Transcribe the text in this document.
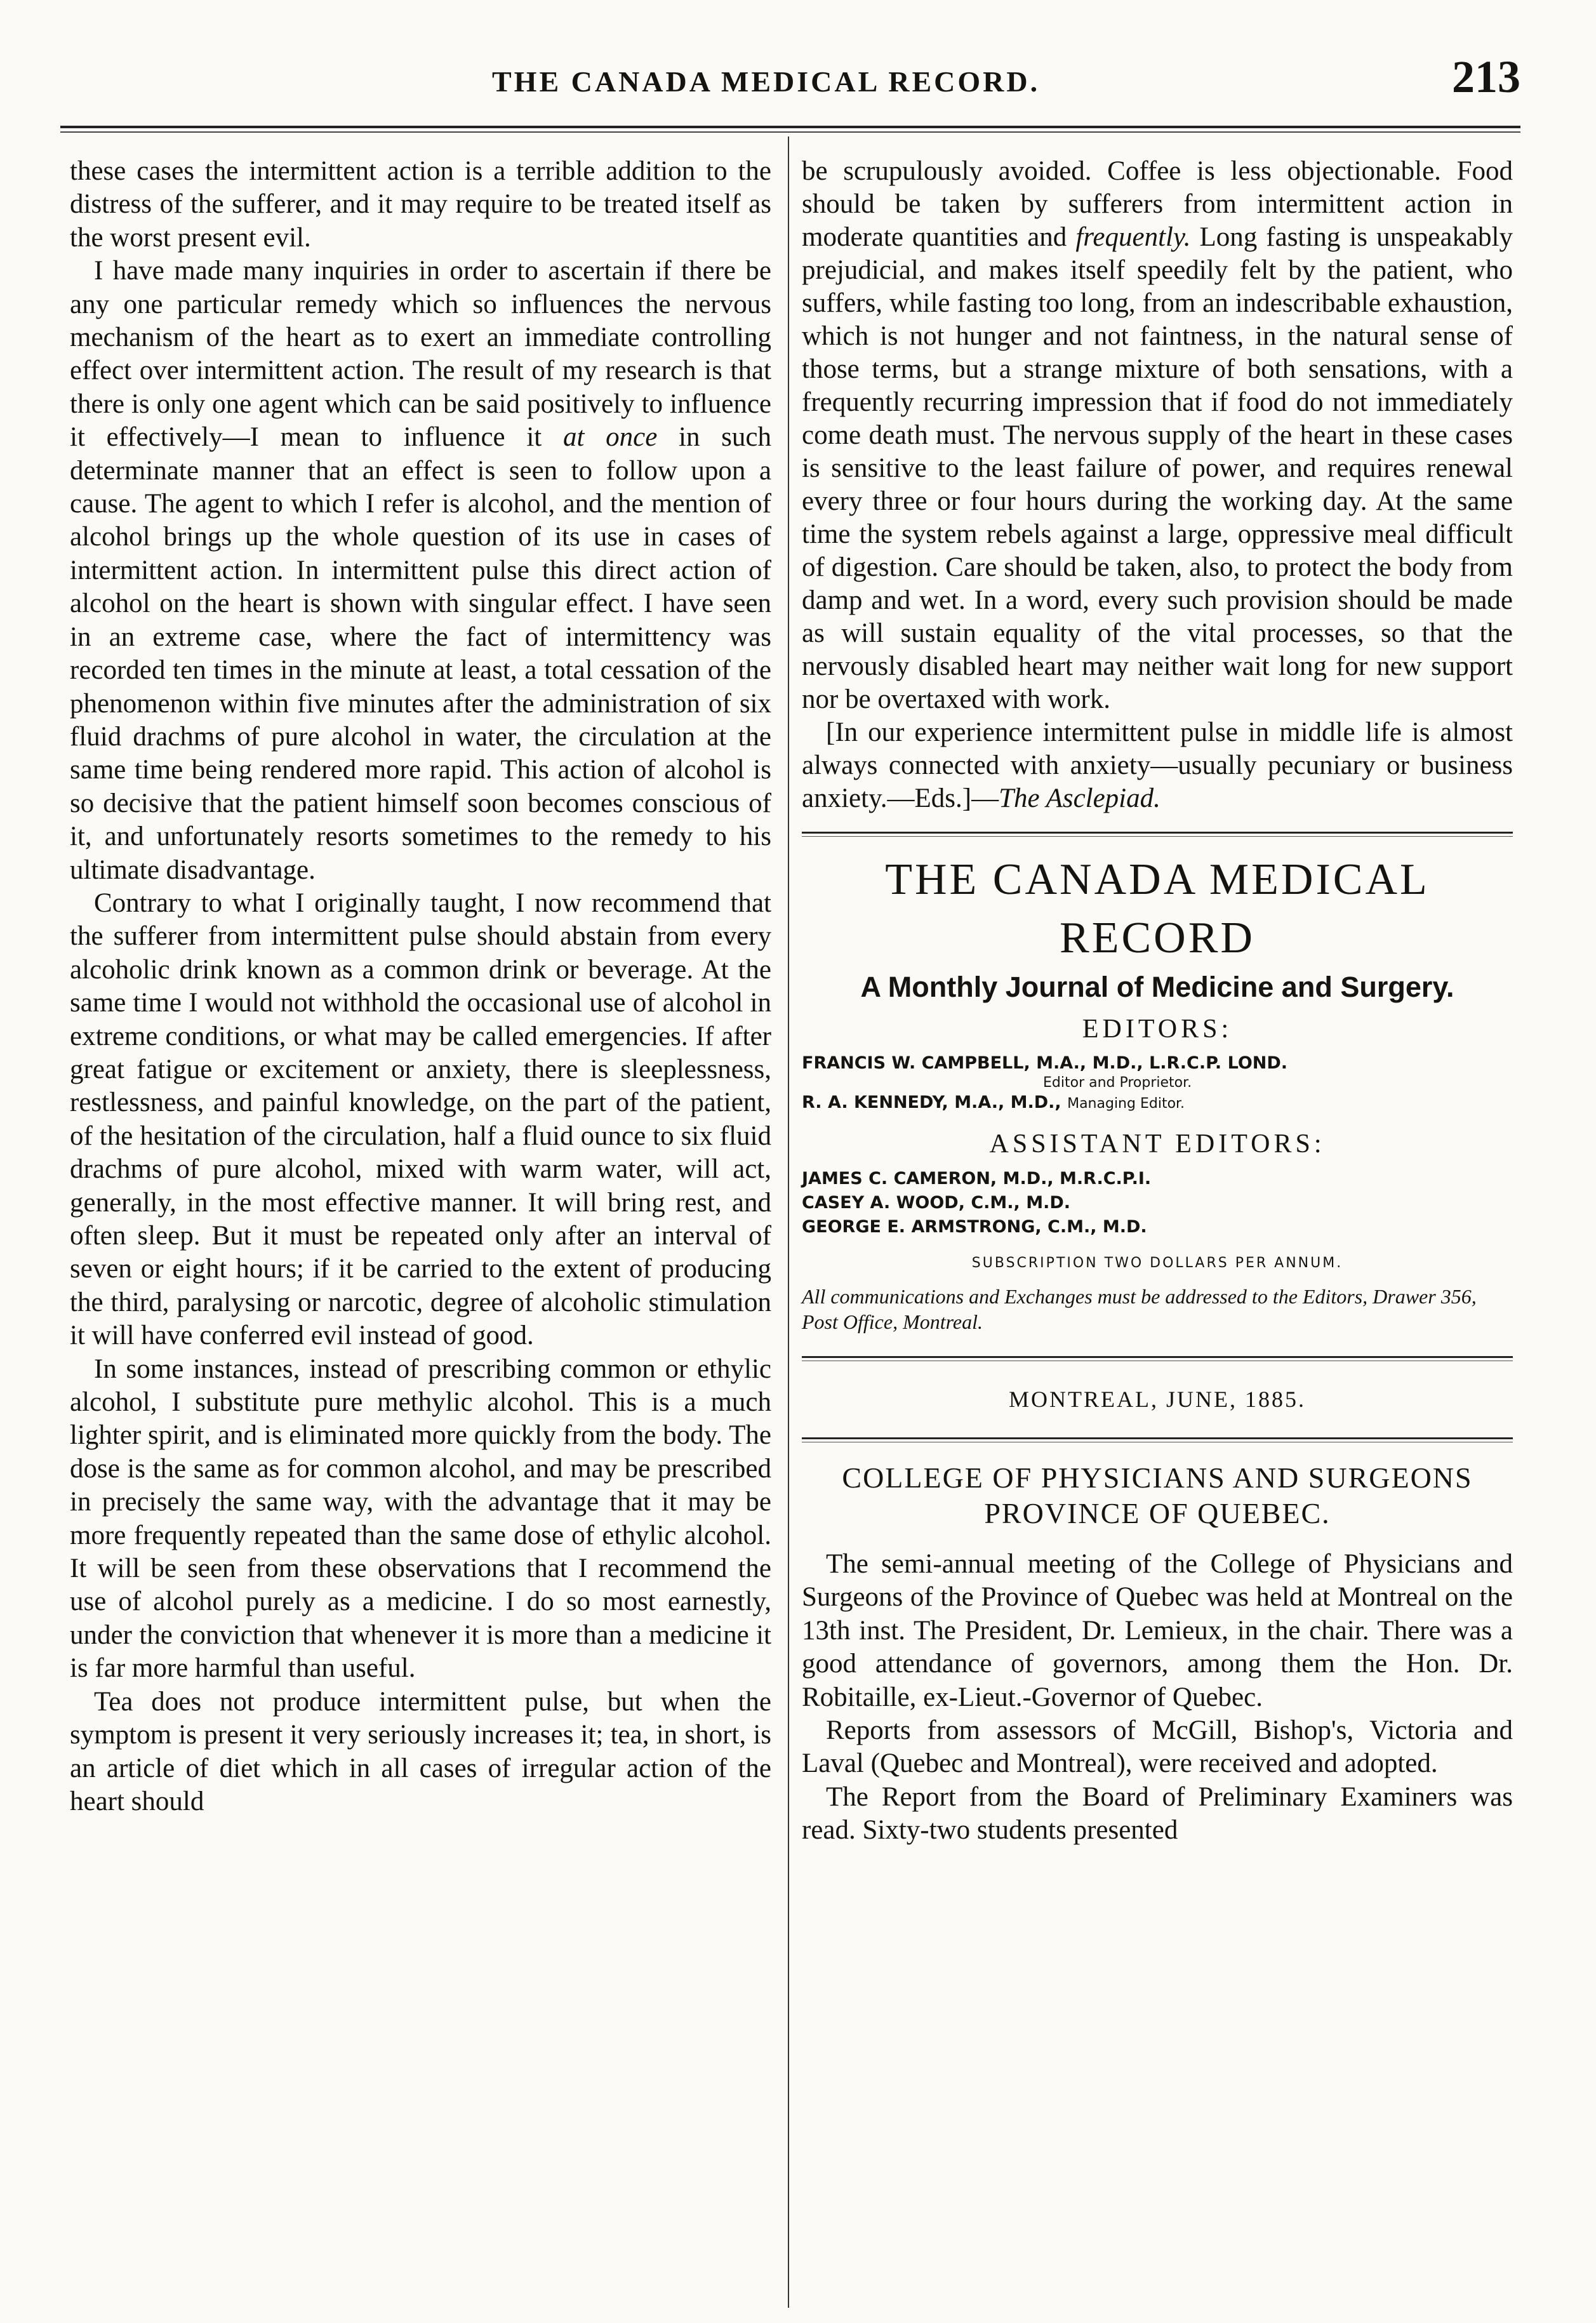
THE CANADA MEDICAL RECORD.	213

these cases the intermittent action is a terrible addition to the distress of the sufferer, and it may require to be treated itself as the worst present evil.

I have made many inquiries in order to ascertain if there be any one particular remedy which so influences the nervous mechanism of the heart as to exert an immediate controlling effect over intermittent action. The result of my research is that there is only one agent which can be said positively to influence it effectively—I mean to influence it at once in such determinate manner that an effect is seen to follow upon a cause. The agent to which I refer is alcohol, and the mention of alcohol brings up the whole question of its use in cases of intermittent action. In intermittent pulse this direct action of alcohol on the heart is shown with singular effect. I have seen in an extreme case, where the fact of intermittency was recorded ten times in the minute at least, a total cessation of the phenomenon within five minutes after the administration of six fluid drachms of pure alcohol in water, the circulation at the same time being rendered more rapid. This action of alcohol is so decisive that the patient himself soon becomes conscious of it, and unfortunately resorts sometimes to the remedy to his ultimate disadvantage.

Contrary to what I originally taught, I now recommend that the sufferer from intermittent pulse should abstain from every alcoholic drink known as a common drink or beverage. At the same time I would not withhold the occasional use of alcohol in extreme conditions, or what may be called emergencies. If after great fatigue or excitement or anxiety, there is sleeplessness, restlessness, and painful knowledge, on the part of the patient, of the hesitation of the circulation, half a fluid ounce to six fluid drachms of pure alcohol, mixed with warm water, will act, generally, in the most effective manner. It will bring rest, and often sleep. But it must be repeated only after an interval of seven or eight hours; if it be carried to the extent of producing the third, paralysing or narcotic, degree of alcoholic stimulation it will have conferred evil instead of good.

In some instances, instead of prescribing common or ethylic alcohol, I substitute pure methylic alcohol. This is a much lighter spirit, and is eliminated more quickly from the body. The dose is the same as for common alcohol, and may be prescribed in precisely the same way, with the advantage that it may be more frequently repeated than the same dose of ethylic alcohol. It will be seen from these observations that I recommend the use of alcohol purely as a medicine. I do so most earnestly, under the conviction that whenever it is more than a medicine it is far more harmful than useful.

Tea does not produce intermittent pulse, but when the symptom is present it very seriously increases it; tea, in short, is an article of diet which in all cases of irregular action of the heart should

be scrupulously avoided. Coffee is less objectionable. Food should be taken by sufferers from intermittent action in moderate quantities and frequently. Long fasting is unspeakably prejudicial, and makes itself speedily felt by the patient, who suffers, while fasting too long, from an indescribable exhaustion, which is not hunger and not faintness, in the natural sense of those terms, but a strange mixture of both sensations, with a frequently recurring impression that if food do not immediately come death must. The nervous supply of the heart in these cases is sensitive to the least failure of power, and requires renewal every three or four hours during the working day. At the same time the system rebels against a large, oppressive meal difficult of digestion. Care should be taken, also, to protect the body from damp and wet. In a word, every such provision should be made as will sustain equality of the vital processes, so that the nervously disabled heart may neither wait long for new support nor be overtaxed with work.

[In our experience intermittent pulse in middle life is almost always connected with anxiety—usually pecuniary or business anxiety.—Eds.]—The Asclepiad.

THE CANADA MEDICAL RECORD
A Monthly Journal of Medicine and Surgery.
EDITORS:
FRANCIS W. CAMPBELL, M.A., M.D., L.R.C.P. LOND.
Editor and Proprietor.
R. A. KENNEDY, M.A., M.D., Managing Editor.
ASSISTANT EDITORS:
JAMES C. CAMERON, M.D., M.R.C.P.I.
CASEY A. WOOD, C.M., M.D.
GEORGE E. ARMSTRONG, C.M., M.D.
SUBSCRIPTION TWO DOLLARS PER ANNUM.
All communications and Exchanges must be addressed to the Editors, Drawer 356, Post Office, Montreal.
MONTREAL, JUNE, 1885.
COLLEGE OF PHYSICIANS AND SURGEONS PROVINCE OF QUEBEC.

The semi-annual meeting of the College of Physicians and Surgeons of the Province of Quebec was held at Montreal on the 13th inst. The President, Dr. Lemieux, in the chair. There was a good attendance of governors, among them the Hon. Dr. Robitaille, ex-Lieut.-Governor of Quebec.

Reports from assessors of McGill, Bishop's, Victoria and Laval (Quebec and Montreal), were received and adopted.

The Report from the Board of Preliminary Examiners was read. Sixty-two students presented
